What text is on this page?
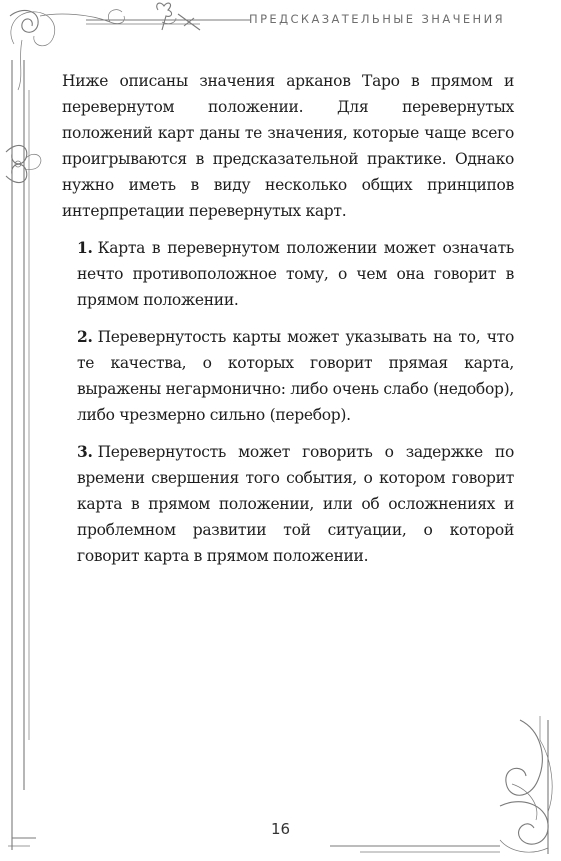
ПРЕДСКАЗАТЕЛЬНЫЕ ЗНАЧЕНИЯ

Ниже описаны значения арканов Таро в прямом и перевернутом положении. Для перевернутых положений карт даны те значения, которые чаще всего проигрываются в предсказательной практике. Однако нужно иметь в виду несколько общих принципов интерпретации перевернутых карт.

1. Карта в перевернутом положении может означать нечто противоположное тому, о чем она говорит в прямом положении.

2. Перевернутость карты может указывать на то, что те качества, о которых говорит прямая карта, выражены негармонично: либо очень слабо (недобор), либо чрезмерно сильно (перебор).

3. Перевернутость может говорить о задержке по времени свершения того события, о котором говорит карта в прямом положении, или об осложнениях и проблемном развитии той ситуации, о которой говорит карта в прямом положении.

16
